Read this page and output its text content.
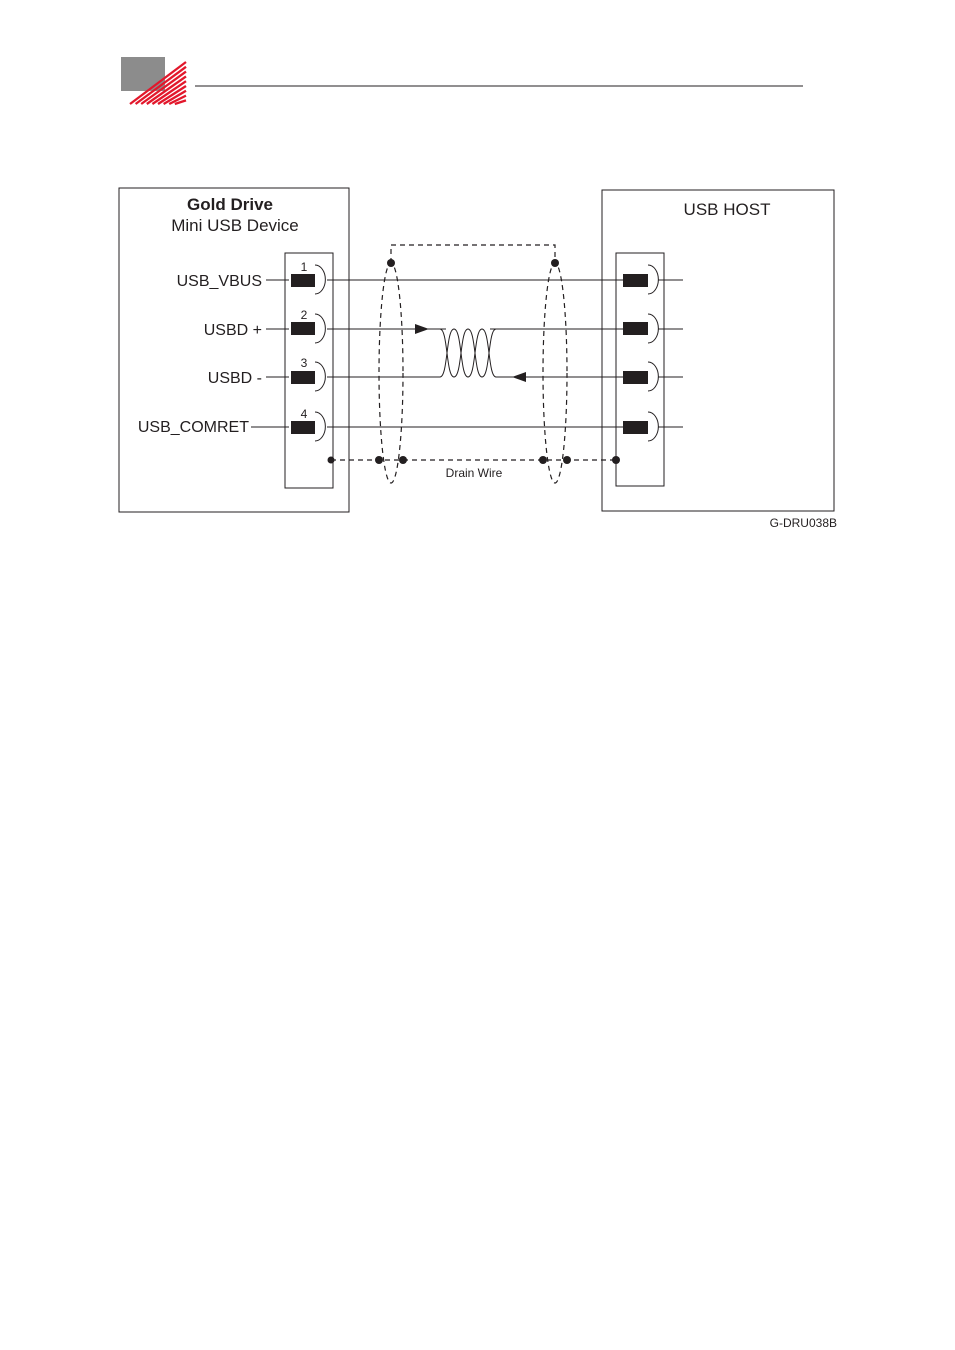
Gold Drive
Mini USB Device
USB HOST
1
USB_VBUS
2
USBD +
3
USBD -
4
USB_COMRET
Drain Wire
G-DRU038B
